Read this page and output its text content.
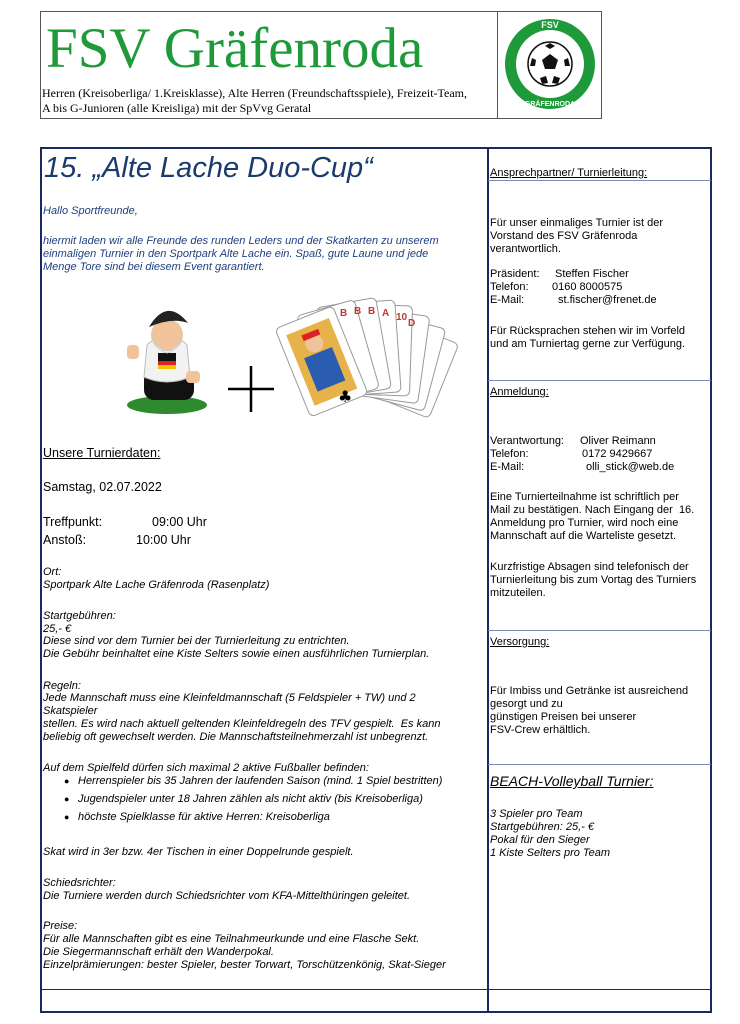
FSV Gräfenroda
Herren (Kreisoberliga/ 1.Kreisklasse), Alte Herren (Freundschaftsspiele), Freizeit-Team,
A bis G-Junioren (alle Kreisliga) mit der SpVvg Geratal
FSV
GRÄFENRODA
15. „Alte Lache Duo-Cup“
Hallo Sportfreunde,
hiermit laden wir alle Freunde des runden Leders und der Skatkarten zu unserem
einmaligen Turnier in den Sportpark Alte Lache ein. Spaß, gute Laune und jede
Menge Tore sind bei diesem Event garantiert.
B B B A 10
D
♣
Unsere Turnierdaten:
Samstag, 02.07.2022
Treffpunkt:	09:00 Uhr
Anstoß:	10:00 Uhr
Ort:
Sportpark Alte Lache Gräfenroda (Rasenplatz)
Startgebühren:
25,- €
Diese sind vor dem Turnier bei der Turnierleitung zu entrichten.
Die Gebühr beinhaltet eine Kiste Selters sowie einen ausführlichen Turnierplan.
Regeln:
Jede Mannschaft muss eine Kleinfeldmannschaft (5 Feldspieler + TW) und 2
Skatspieler
stellen. Es wird nach aktuell geltenden Kleinfeldregeln des TFV gespielt.  Es kann
beliebig oft gewechselt werden. Die Mannschaftsteilnehmerzahl ist unbegrenzt.
Auf dem Spielfeld dürfen sich maximal 2 aktive Fußballer befinden:
● Herrenspieler bis 35 Jahren der laufenden Saison (mind. 1 Spiel bestritten)
● Jugendspieler unter 18 Jahren zählen als nicht aktiv (bis Kreisoberliga)
● höchste Spielklasse für aktive Herren: Kreisoberliga
Skat wird in 3er bzw. 4er Tischen in einer Doppelrunde gespielt.
Schiedsrichter:
Die Turniere werden durch Schiedsrichter vom KFA-Mittelthüringen geleitet.
Preise:
Für alle Mannschaften gibt es eine Teilnahmeurkunde und eine Flasche Sekt.
Die Siegermannschaft erhält den Wanderpokal.
Einzelprämierungen: bester Spieler, bester Torwart, Torschützenkönig, Skat-Sieger
Ansprechpartner/ Turnierleitung:
Für unser einmaliges Turnier ist der
Vorstand des FSV Gräfenroda
verantwortlich.
Präsident: Steffen Fischer
Telefon: 0160 8000575
E-Mail:	st.fischer@frenet.de
Für Rücksprachen stehen wir im Vorfeld
und am Turniertag gerne zur Verfügung.
Anmeldung:
Verantwortung: Oliver Reimann
Telefon:	0172 9429667
E-Mail:	olli_stick@web.de
Eine Turnierteilnahme ist schriftlich per
Mail zu bestätigen. Nach Eingang der  16.
Anmeldung pro Turnier, wird noch eine
Mannschaft auf die Warteliste gesetzt.
Kurzfristige Absagen sind telefonisch der
Turnierleitung bis zum Vortag des Turniers
mitzuteilen.
Versorgung:
Für Imbiss und Getränke ist ausreichend
gesorgt und zu
günstigen Preisen bei unserer
FSV-Crew erhältlich.
BEACH-Volleyball Turnier:
3 Spieler pro Team
Startgebühren: 25,- €
Pokal für den Sieger
1 Kiste Selters pro Team
